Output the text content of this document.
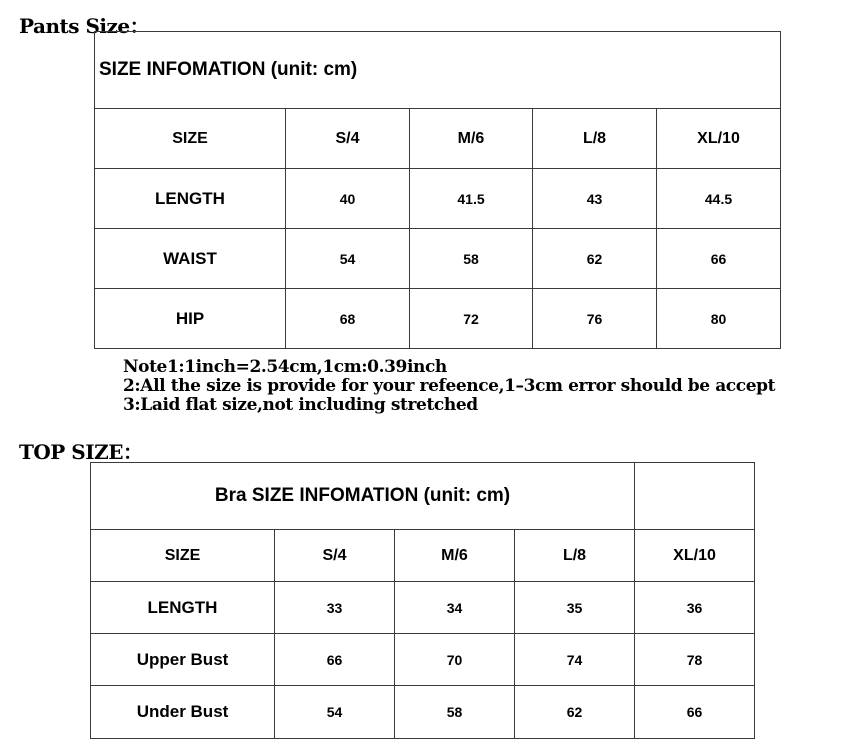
Pants Size：
SIZE INFOMATION (unit: cm)				
SIZE	S/4	M/6	L/8	XL/10
LENGTH	40	41.5	43	44.5
WAIST	54	58	62	66
HIP	68	72	76	80
Note1:1inch=2.54cm,1cm:0.39inch
2:All the size is provide for your refeence,1–3cm error should be accept
3:Laid flat size,not including stretched
TOP SIZE：
Bra SIZE INFOMATION (unit: cm)				
SIZE	S/4	M/6	L/8	XL/10
LENGTH	33	34	35	36
Upper Bust	66	70	74	78
Under Bust	54	58	62	66
